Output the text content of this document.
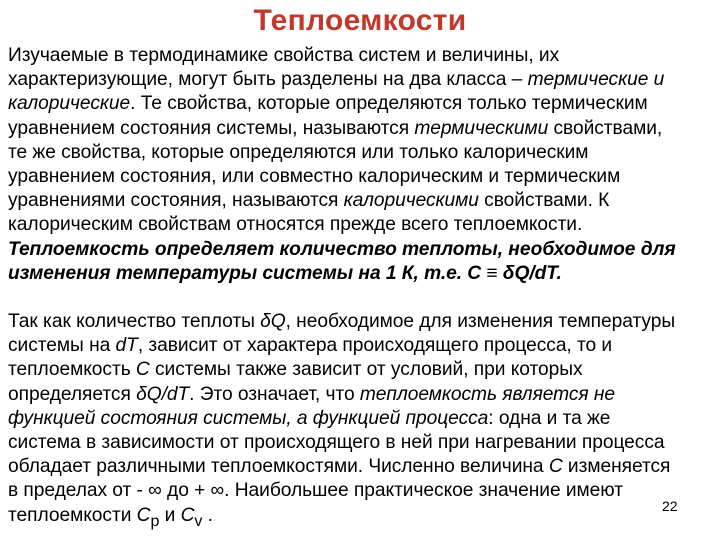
Теплоемкости
Изучаемые в термодинамике свойства систем и величины, их
характеризующие, могут быть разделены на два класса – термические и
калорические. Те свойства, которые определяются только термическим
уравнением состояния системы, называются термическими свойствами,
те же свойства, которые определяются или только калорическим
уравнением состояния, или совместно калорическим и термическим
уравнениями состояния, называются калорическими свойствами. К
калорическим свойствам относятся прежде всего теплоемкости.
Теплоемкость определяет количество теплоты, необходимое для
изменения температуры системы на 1 К, т.е. С ≡ δQ/dT.
Так как количеcтво теплоты δQ, необходимое для изменения температуры
системы на dT, зависит от характера происходящего процесса, то и
теплоемкость С системы также зависит от условий, при которых
определяется δQ/dT. Это означает, что теплоемкость является не
функцией состояния системы, а функцией процесса: одна и та же
система в зависимости от происходящего в ней при нагревании процесса
обладает различными теплоемкостями. Численно величина С изменяется
в пределах от - ∞ до + ∞. Наибольшее практическое значение имеют
теплоемкости $С_p$ и $С_v$ .	22
